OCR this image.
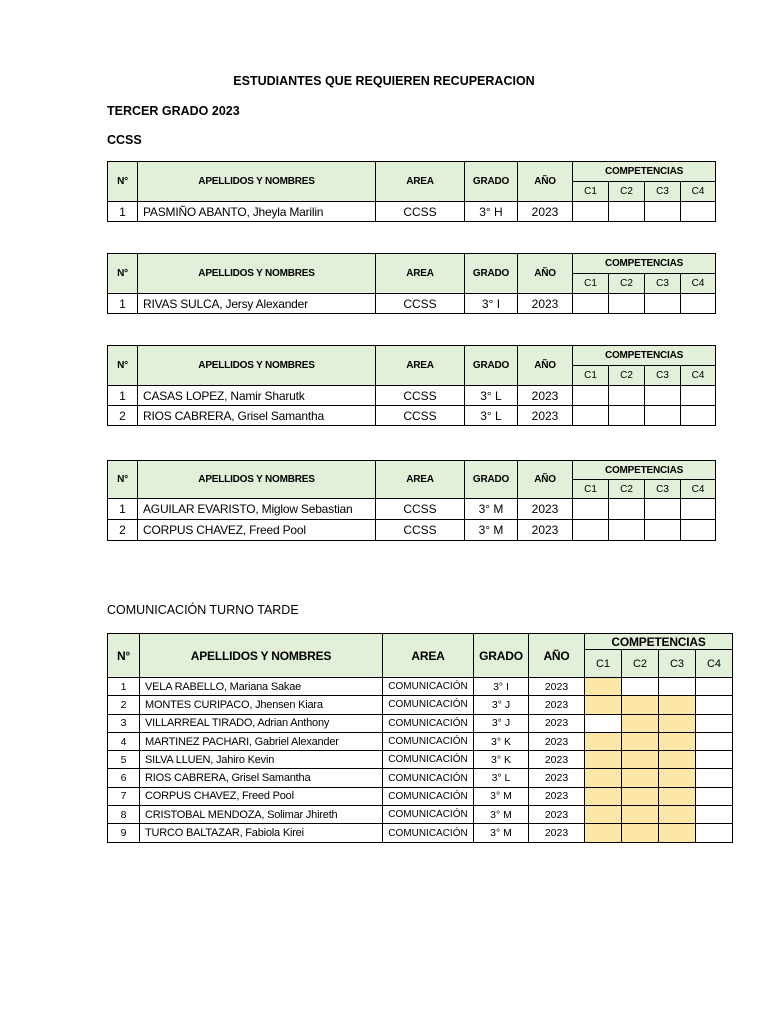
ESTUDIANTES QUE REQUIEREN RECUPERACION
TERCER GRADO 2023
CCSS
N°	APELLIDOS Y NOMBRES	AREA	GRADO	AÑO	COMPETENCIAS			
					C1	C2	C3	C4
1	PASMIÑO ABANTO, Jheyla Marilin	CCSS	3° H	2023				
N°	APELLIDOS Y NOMBRES	AREA	GRADO	AÑO	COMPETENCIAS			
					C1	C2	C3	C4
1	RIVAS SULCA, Jersy Alexander	CCSS	3° I	2023				
N°	APELLIDOS Y NOMBRES	AREA	GRADO	AÑO	COMPETENCIAS			
					C1	C2	C3	C4
1	CASAS LOPEZ, Namir Sharutk	CCSS	3° L	2023				
2	RIOS CABRERA, Grisel Samantha	CCSS	3° L	2023				
N°	APELLIDOS Y NOMBRES	AREA	GRADO	AÑO	COMPETENCIAS			
					C1	C2	C3	C4
1	AGUILAR EVARISTO, Miglow Sebastian	CCSS	3° M	2023				
2	CORPUS CHAVEZ, Freed Pool	CCSS	3° M	2023				
COMUNICACIÓN TURNO TARDE
N°	APELLIDOS Y NOMBRES	AREA	GRADO	AÑO	COMPETENCIAS			
					C1	C2	C3	C4
1	VELA RABELLO, Mariana Sakae	COMUNICACIÓN	3° I	2023				
2	MONTES CURIPACO, Jhensen Kiara	COMUNICACIÓN	3° J	2023				
3	VILLARREAL TIRADO, Adrian Anthony	COMUNICACIÓN	3° J	2023				
4	MARTINEZ PACHARI, Gabriel Alexander	COMUNICACIÓN	3° K	2023				
5	SILVA LLUEN, Jahiro Kevin	COMUNICACIÓN	3° K	2023				
6	RIOS CABRERA, Grisel Samantha	COMUNICACIÓN	3° L	2023				
7	CORPUS CHAVEZ, Freed Pool	COMUNICACIÓN	3° M	2023				
8	CRISTOBAL MENDOZA, Solimar Jhireth	COMUNICACIÓN	3° M	2023				
9	TURCO BALTAZAR, Fabiola Kirei	COMUNICACIÓN	3° M	2023				
